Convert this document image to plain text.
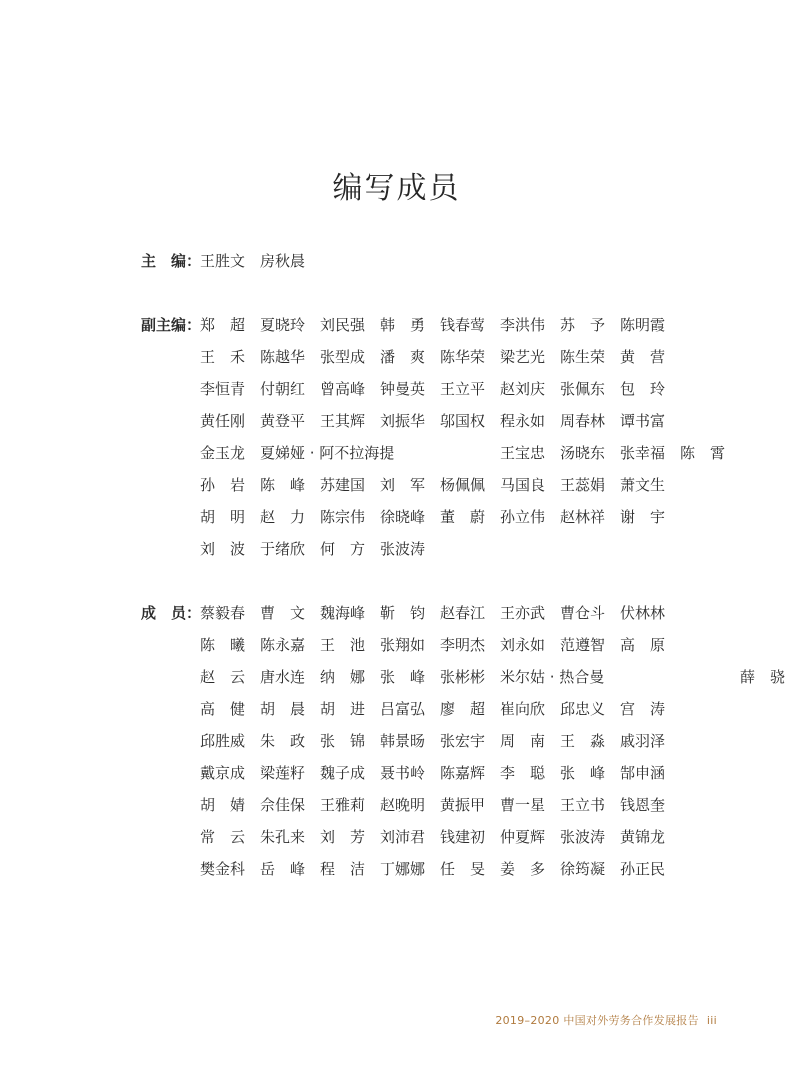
编写成员
主　编：
王胜文 房秋晨
副主编：
郑　超 夏晓玲 刘民强 韩　勇 钱春莺 李洪伟 苏　予 陈明霞
王　禾 陈越华 张型成 潘　爽 陈华荣 梁艺光 陈生荣 黄　营
李恒青 付朝红 曾高峰 钟曼英 王立平 赵刘庆 张佩东 包　玲
黄任刚 黄登平 王其辉 刘振华 邬国权 程永如 周春林 谭书富
金玉龙 夏娣娅 · 阿不拉海提	王宝忠 汤晓东 张幸福 陈　霄
孙　岩 陈　峰 苏建国 刘　军 杨佩佩 马国良 王蕊娟 萧文生
胡　明 赵　力 陈宗伟 徐晓峰 董　蔚 孙立伟 赵林祥 谢　宇
刘　波 于绪欣 何　方 张波涛
成　员：
蔡毅春 曹　文 魏海峰 靳　钧 赵春江 王亦武 曹仓斗 伏林林
陈　曦 陈永嘉 王　池 张翔如 李明杰 刘永如 范遵智 高　原
赵　云 唐水连 纳　娜 张　峰 张彬彬 米尔姑 · 热合曼	薛　骁
高　健 胡　晨 胡　进 吕富弘 廖　超 崔向欣 邱忠义 宫　涛
邱胜威 朱　政 张　锦 韩景旸 张宏宇 周　南 王　淼 戚羽泽
戴京成 梁莲籽 魏子成 聂书岭 陈嘉辉 李　聪 张　峰 郜申涵
胡　婧 佘佳保 王雅莉 赵晚明 黄振甲 曹一星 王立书 钱恩奎
常　云 朱孔来 刘　芳 刘沛君 钱建初 仲夏辉 张波涛 黄锦龙
樊金科 岳　峰 程　洁 丁娜娜 任　旻 姜　多 徐筠凝 孙正民
2019–2020 中国对外劳务合作发展报告 iii
